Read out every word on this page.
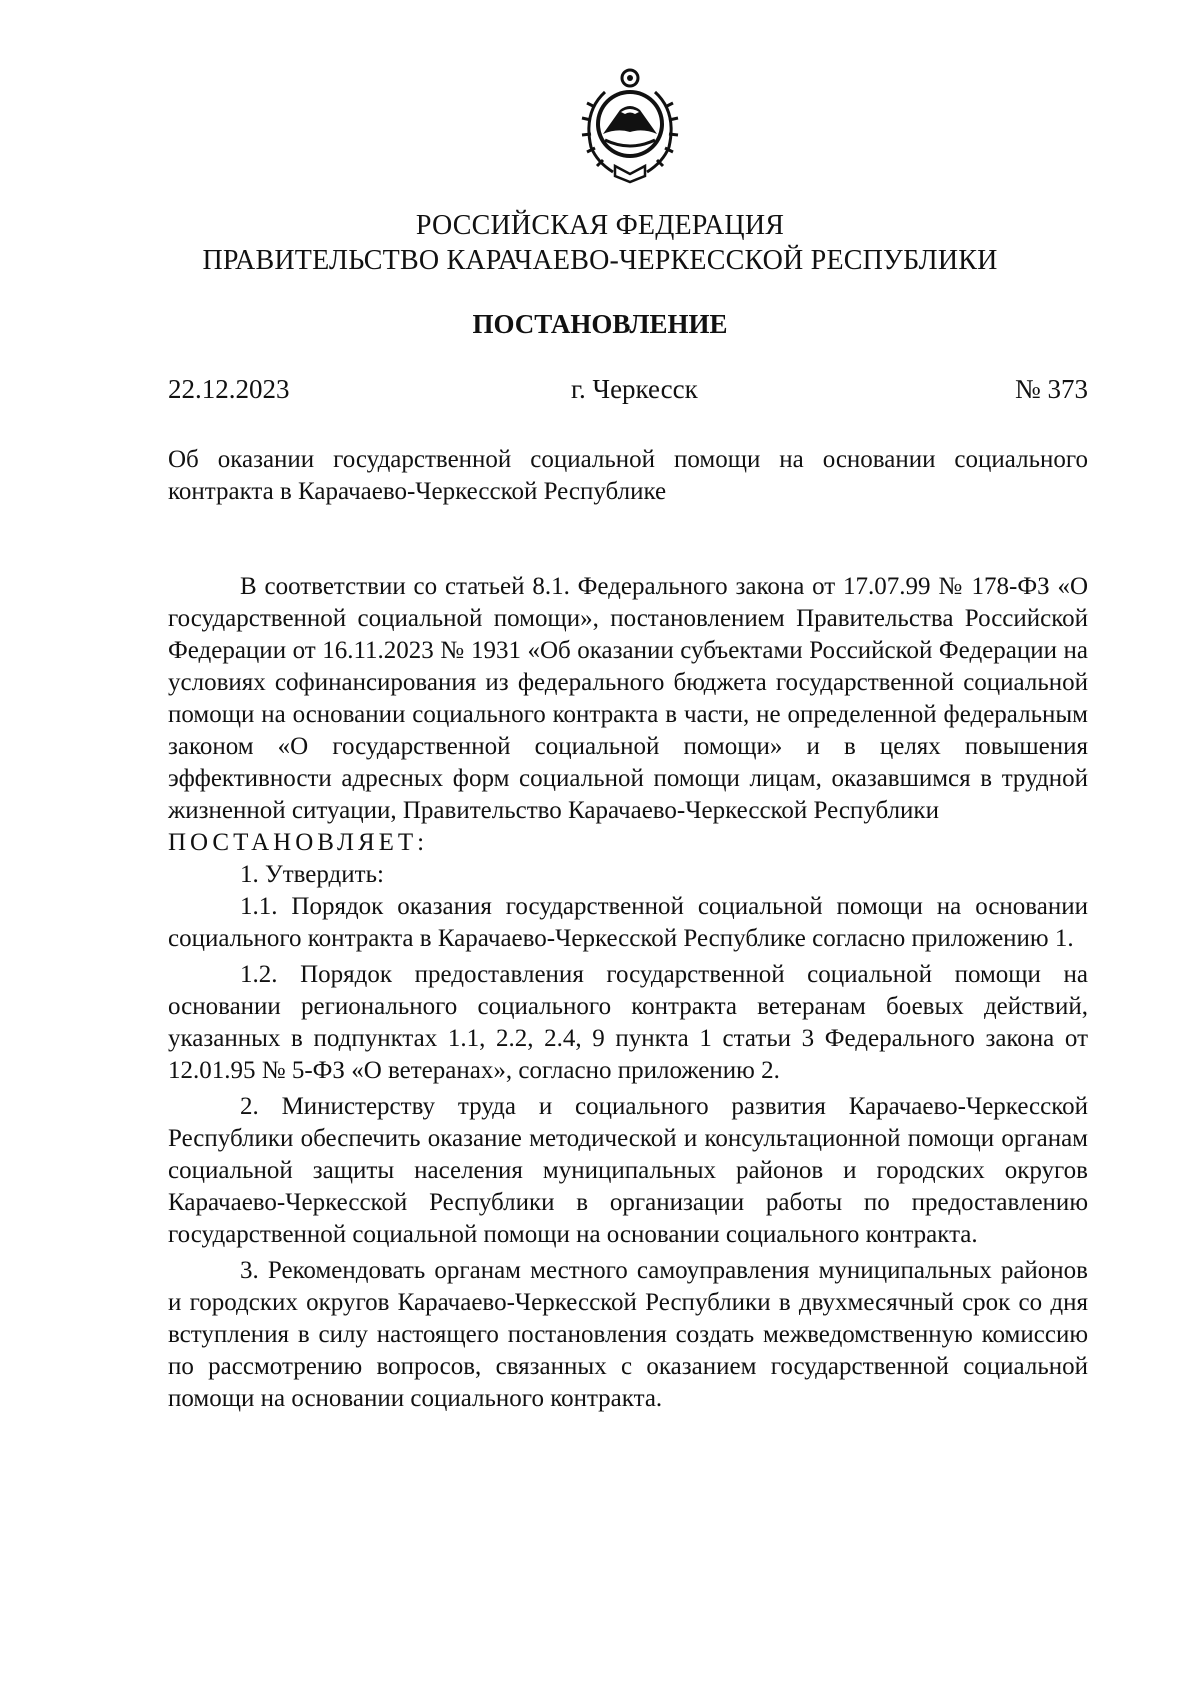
РОССИЙСКАЯ ФЕДЕРАЦИЯ
ПРАВИТЕЛЬСТВО КАРАЧАЕВО-ЧЕРКЕССКОЙ РЕСПУБЛИКИ
ПОСТАНОВЛЕНИЕ
22.12.2023	г. Черкесск	№ 373
Об оказании государственной социальной помощи на основании социального контракта в Карачаево-Черкесской Республике

В соответствии со статьей 8.1. Федерального закона от 17.07.99 № 178-ФЗ «О государственной социальной помощи», постановлением Правительства Российской Федерации от 16.11.2023 № 1931 «Об оказании субъектами Российской Федерации на условиях софинансирования из федерального бюджета государственной социальной помощи на основании социального контракта в части, не определенной федеральным законом «О государственной социальной помощи» и в целях повышения эффективности адресных форм социальной помощи лицам, оказавшимся в трудной жизненной ситуации, Правительство Карачаево-Черкесской Республики

ПОСТАНОВЛЯЕТ:

1. Утвердить:

1.1. Порядок оказания государственной социальной помощи на основании социального контракта в Карачаево-Черкесской Республике согласно приложению 1.

1.2. Порядок предоставления государственной социальной помощи на основании регионального социального контракта ветеранам боевых действий, указанных в подпунктах 1.1, 2.2, 2.4, 9 пункта 1 статьи 3 Федерального закона от 12.01.95 № 5-ФЗ «О ветеранах», согласно приложению 2.

2. Министерству труда и социального развития Карачаево-Черкесской Республики обеспечить оказание методической и консультационной помощи органам социальной защиты населения муниципальных районов и городских округов Карачаево-Черкесской Республики в организации работы по предоставлению государственной социальной помощи на основании социального контракта.

3. Рекомендовать органам местного самоуправления муниципальных районов и городских округов Карачаево-Черкесской Республики в двухмесячный срок со дня вступления в силу настоящего постановления создать межведомственную комиссию по рассмотрению вопросов, связанных с оказанием государственной социальной помощи на основании социального контракта.
